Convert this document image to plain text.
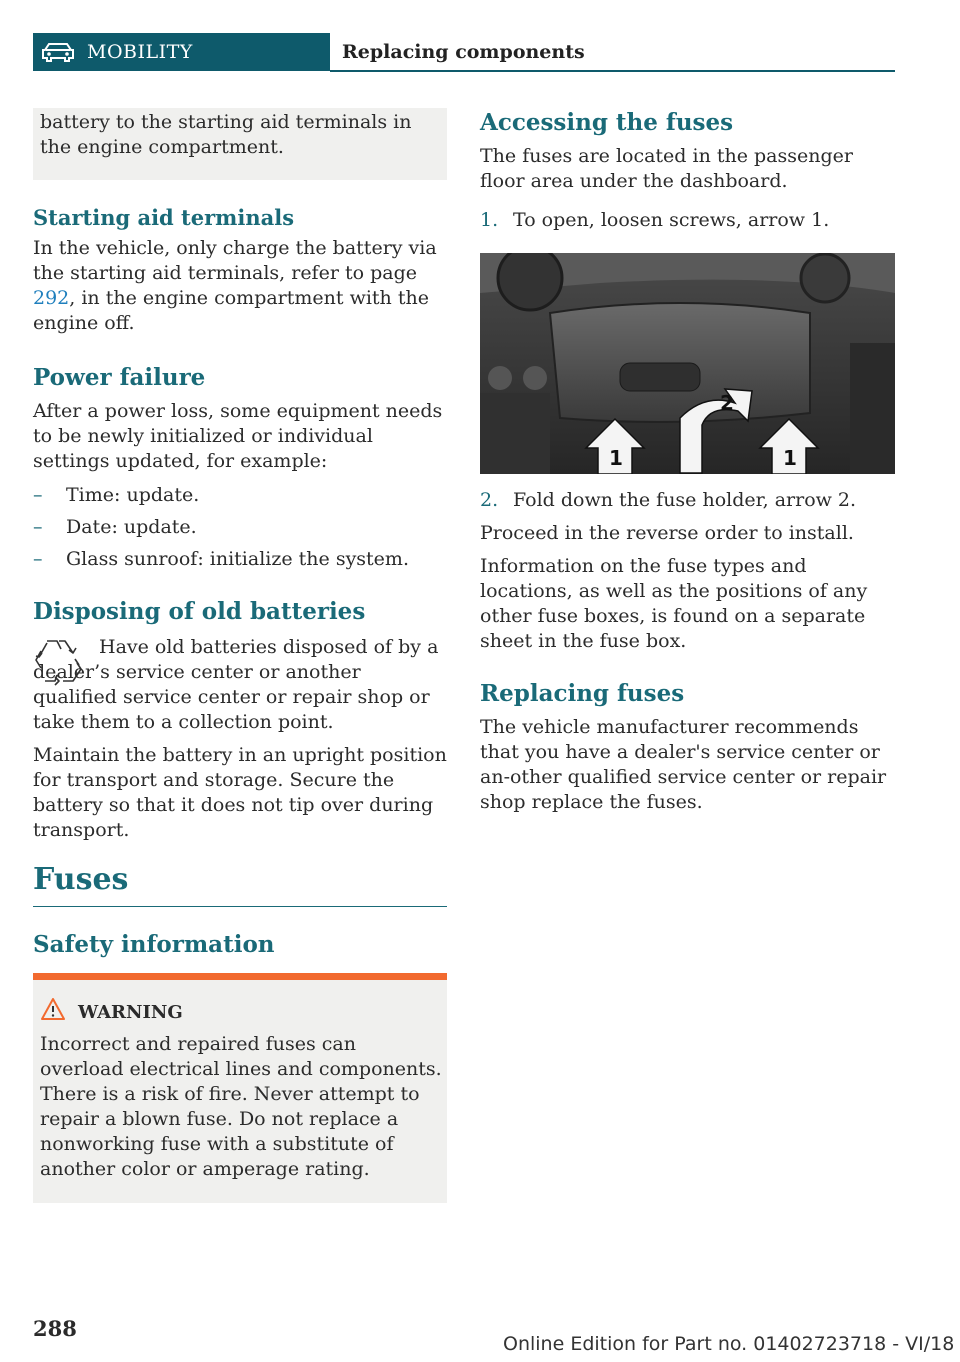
MOBILITY	Replacing components

battery to the starting aid terminals in the engine compartment.

Starting aid terminals

In the vehicle, only charge the battery via the starting aid terminals, refer to page 292, in the engine compartment with the engine off.

Power failure

After a power loss, some equipment needs to be newly initialized or individual settings updated, for example:

– Time: update.
– Date: update.
– Glass sunroof: initialize the system.
Disposing of old batteries

Have old batteries disposed of by a dealer’s service center or another qualified service center or repair shop or take them to a collection point.

Maintain the battery in an upright position for transport and storage. Secure the battery so that it does not tip over during transport.

Fuses
Safety information
WARNING

Incorrect and repaired fuses can overload electrical lines and components. There is a risk of fire. Never attempt to repair a blown fuse. Do not replace a nonworking fuse with a substitute of another color or amperage rating.

Accessing the fuses

The fuses are located in the passenger floor area under the dashboard.

1. To open, loosen screws, arrow 1.

2
1	1

2. Fold down the fuse holder, arrow 2.

Proceed in the reverse order to install.

Information on the fuse types and locations, as well as the positions of any other fuse boxes, is found on a separate sheet in the fuse box.

Replacing fuses

The vehicle manufacturer recommends that you have a dealer's service center or an-other qualified service center or repair shop replace the fuses.

288
Online Edition for Part no. 01402723718 - VI/18
